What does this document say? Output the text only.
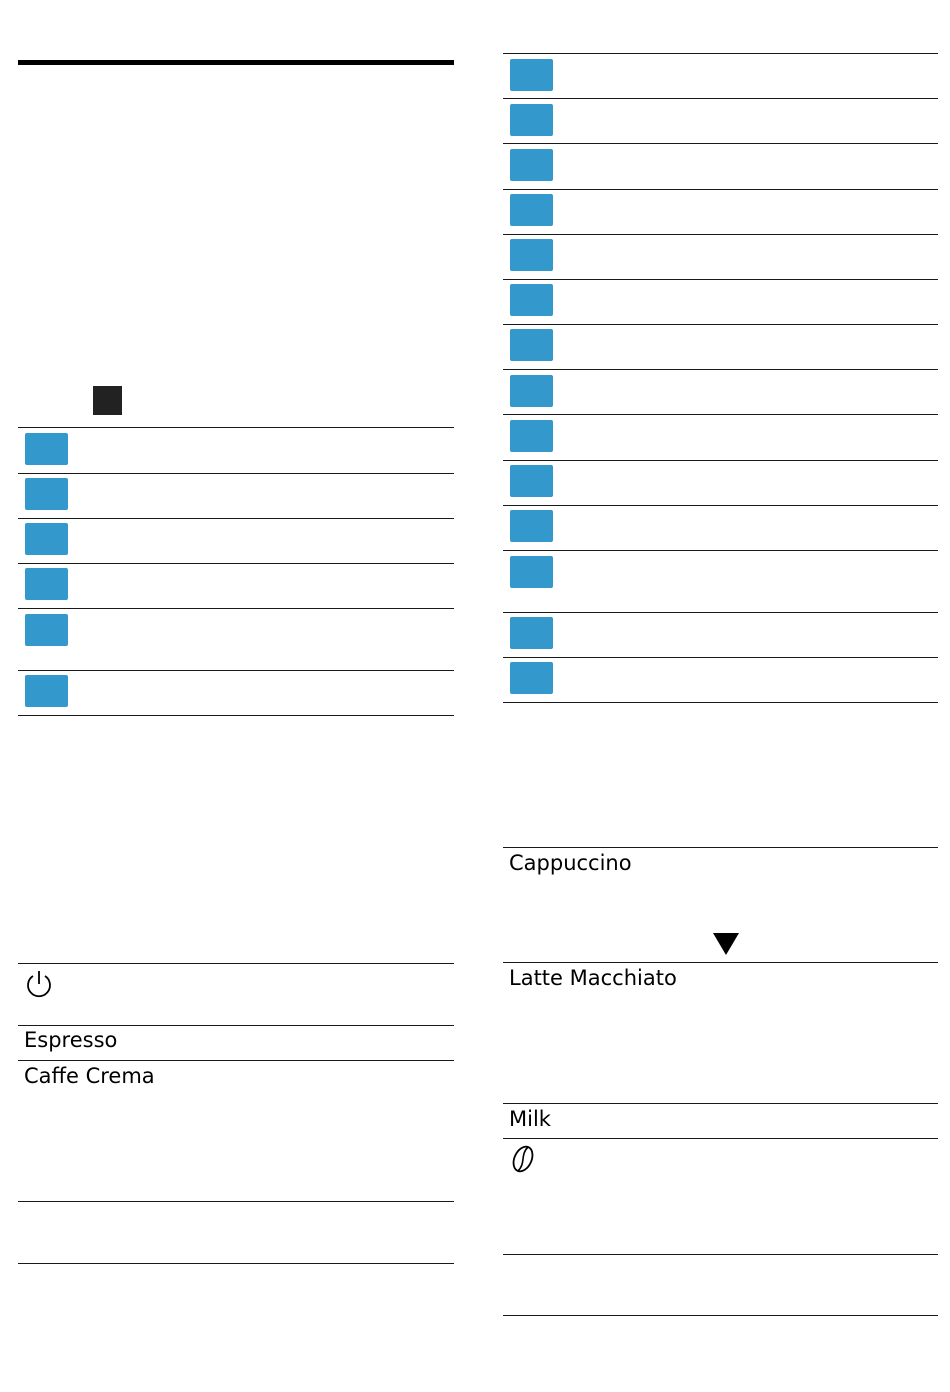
Espresso
Caffe Crema
Cappuccino
Latte Macchiato
Milk
